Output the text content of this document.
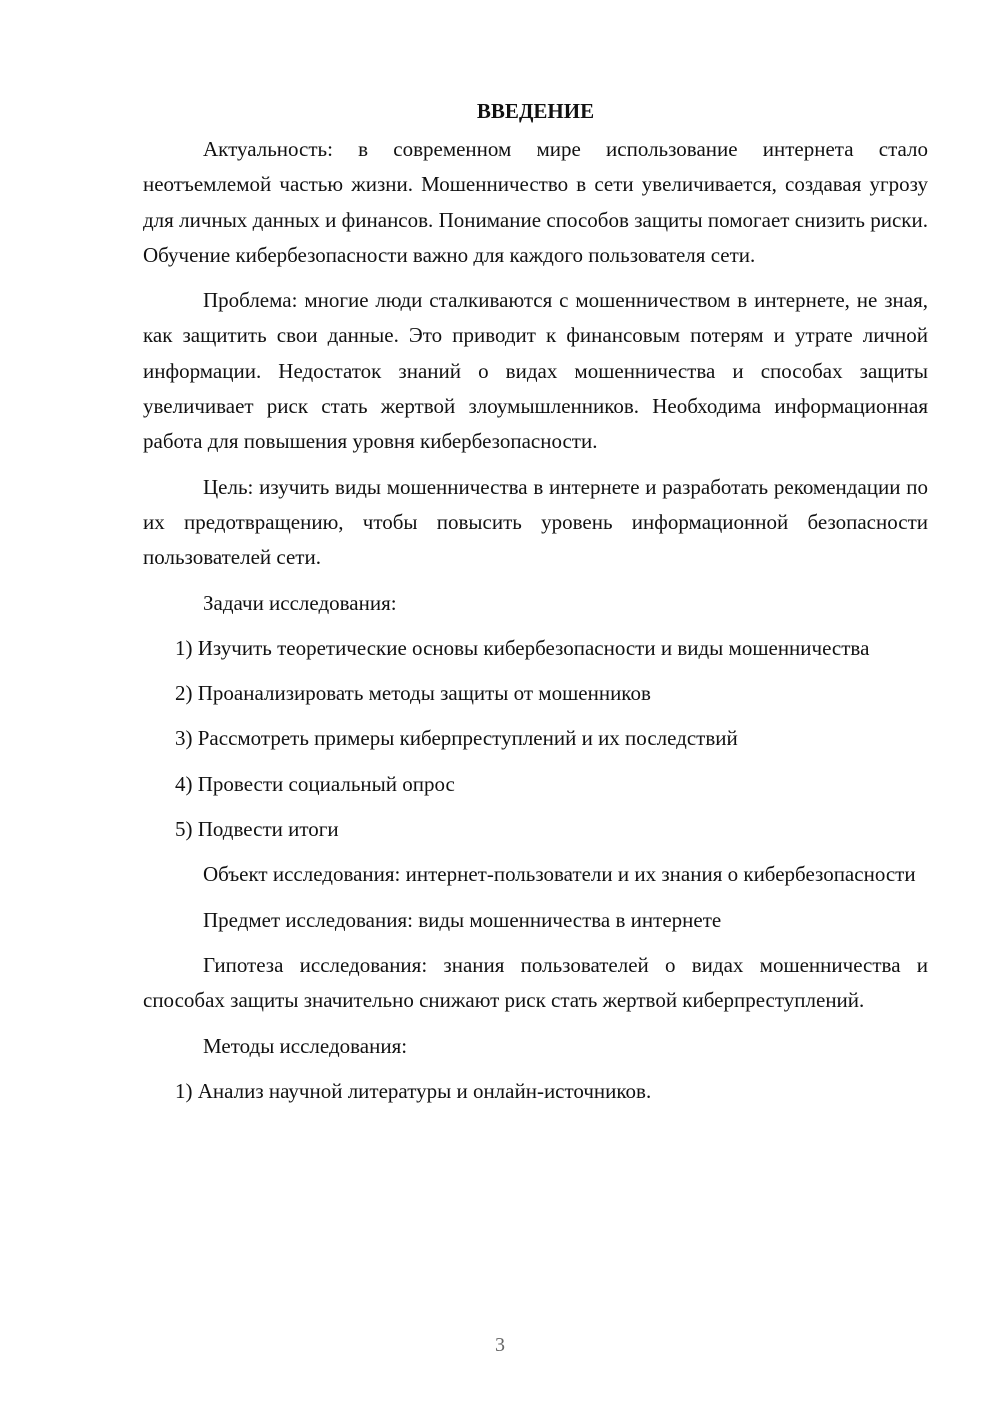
ВВЕДЕНИЕ

Актуальность: в современном мире использование интернета стало неотъемлемой частью жизни. Мошенничество в сети увеличивается, создавая угрозу для личных данных и финансов. Понимание способов защиты помогает снизить риски. Обучение кибербезопасности важно для каждого пользователя сети.

Проблема: многие люди сталкиваются с мошенничеством в интернете, не зная, как защитить свои данные. Это приводит к финансовым потерям и утрате личной информации. Недостаток знаний о видах мошенничества и способах защиты увеличивает риск стать жертвой злоумышленников. Необходима информационная работа для повышения уровня кибербезопасности.

Цель: изучить виды мошенничества в интернете и разработать рекомендации по их предотвращению, чтобы повысить уровень информационной безопасности пользователей сети.

Задачи исследования:

1) Изучить теоретические основы кибербезопасности и виды мошенничества

2) Проанализировать методы защиты от мошенников

3) Рассмотреть примеры киберпреступлений и их последствий

4) Провести социальный опрос

5) Подвести итоги

Объект исследования: интернет-пользователи и их знания о кибербезопасности

Предмет исследования: виды мошенничества в интернете

Гипотеза исследования: знания пользователей о видах мошенничества и способах защиты значительно снижают риск стать жертвой киберпреступлений.

Методы исследования:

1) Анализ научной литературы и онлайн-источников.

3
